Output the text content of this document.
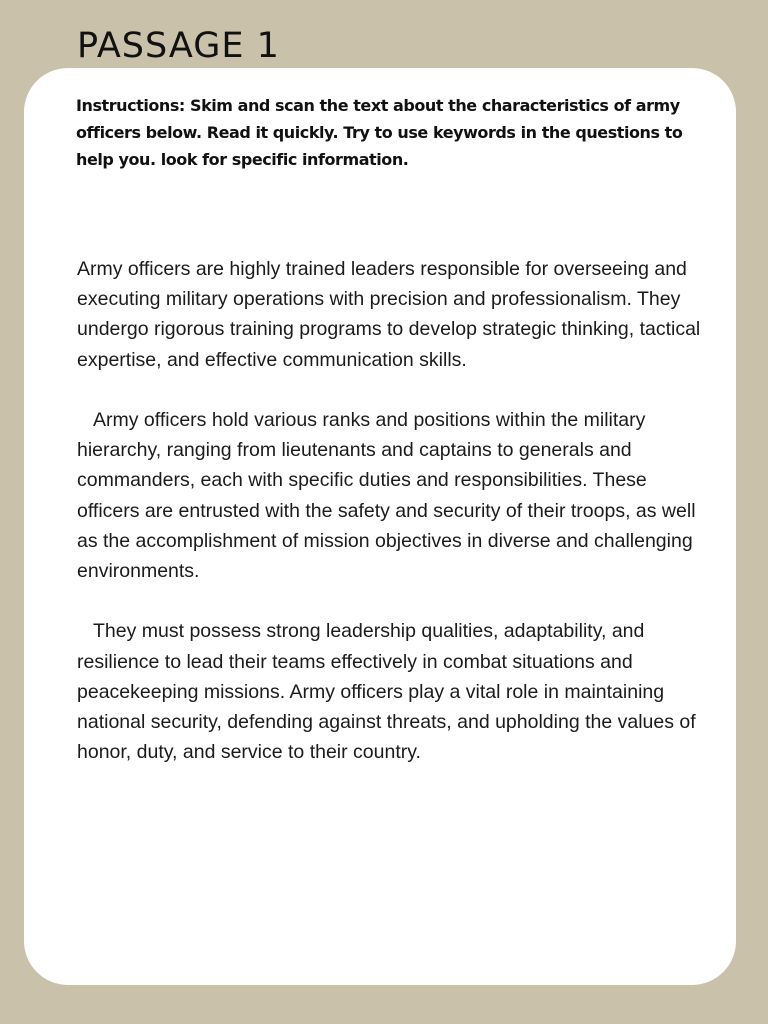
PASSAGE 1

Instructions: Skim and scan the text about the characteristics of army officers below. Read it quickly. Try to use keywords in the questions to help you. look for specific information.

Army officers are highly trained leaders responsible for overseeing and executing military operations with precision and professionalism. They undergo rigorous training programs to develop strategic thinking, tactical expertise, and effective communication skills.

Army officers hold various ranks and positions within the military hierarchy, ranging from lieutenants and captains to generals and commanders, each with specific duties and responsibilities. These officers are entrusted with the safety and security of their troops, as well as the accomplishment of mission objectives in diverse and challenging environments.

They must possess strong leadership qualities, adaptability, and resilience to lead their teams effectively in combat situations and peacekeeping missions. Army officers play a vital role in maintaining national security, defending against threats, and upholding the values of honor, duty, and service to their country.
